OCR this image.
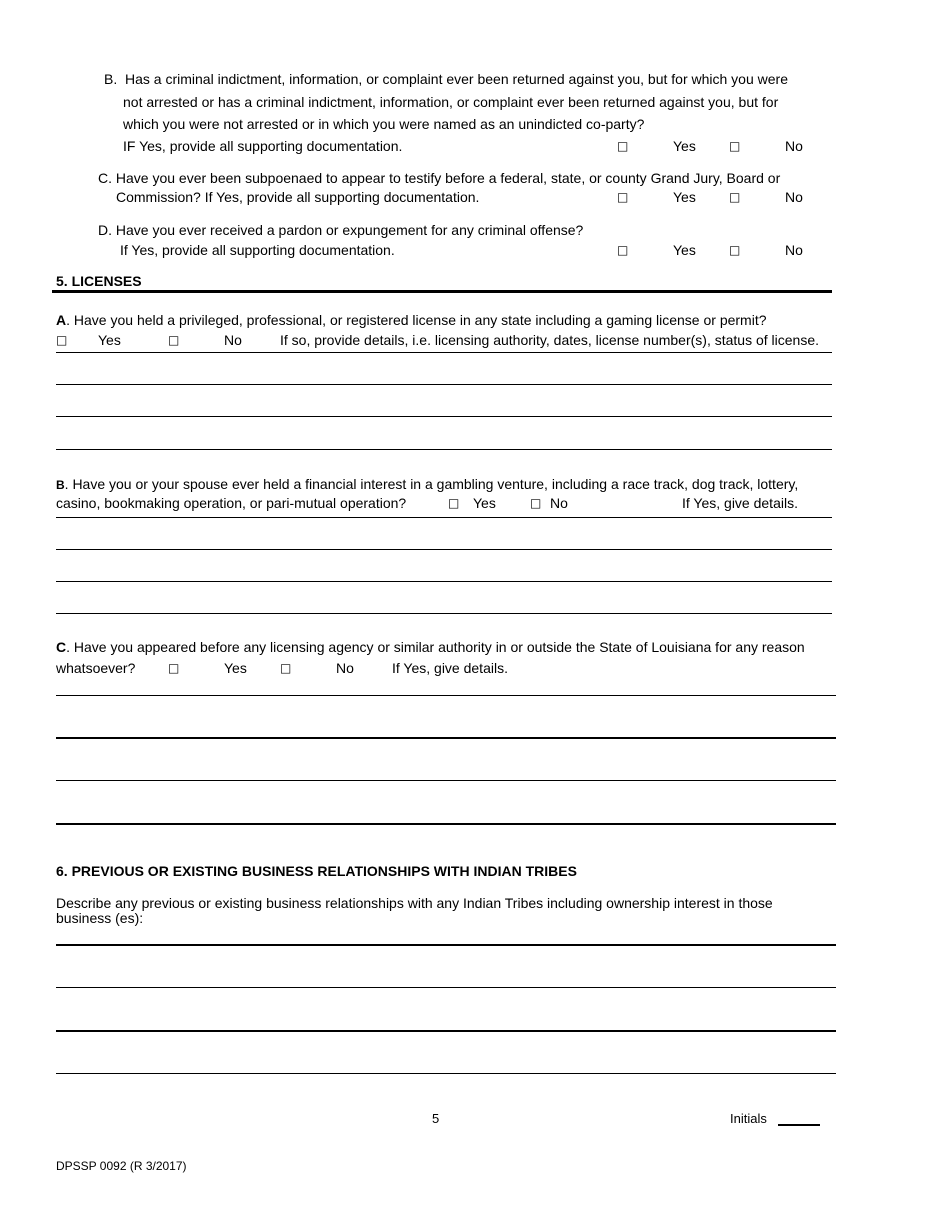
B. Has a criminal indictment, information, or complaint ever been returned against you, but for which you were
not arrested or has a criminal indictment, information, or complaint ever been returned against you, but for
which you were not arrested or in which you were named as an unindicted co-party?
IF Yes, provide all supporting documentation.	□	Yes	□	No
C. Have you ever been subpoenaed to appear to testify before a federal, state, or county Grand Jury, Board or
Commission? If Yes, provide all supporting documentation.	□	Yes	□	No
D. Have you ever received a pardon or expungement for any criminal offense?
If Yes, provide all supporting documentation.	□	Yes	□	No
5. LICENSES
A. Have you held a privileged, professional, or registered license in any state including a gaming license or permit?
□ Yes	□	No	If so, provide details, i.e. licensing authority, dates, license number(s), status of license.
B. Have you or your spouse ever held a financial interest in a gambling venture, including a race track, dog track, lottery,
casino, bookmaking operation, or pari-mutual operation?	□ Yes	□ No	If Yes, give details.
C. Have you appeared before any licensing agency or similar authority in or outside the State of Louisiana for any reason
whatsoever?	□	Yes	□	No	If Yes, give details.
6. PREVIOUS OR EXISTING BUSINESS RELATIONSHIPS WITH INDIAN TRIBES
Describe any previous or existing business relationships with any Indian Tribes including ownership interest in those
business (es):
5	Initials
DPSSP 0092 (R 3/2017)
